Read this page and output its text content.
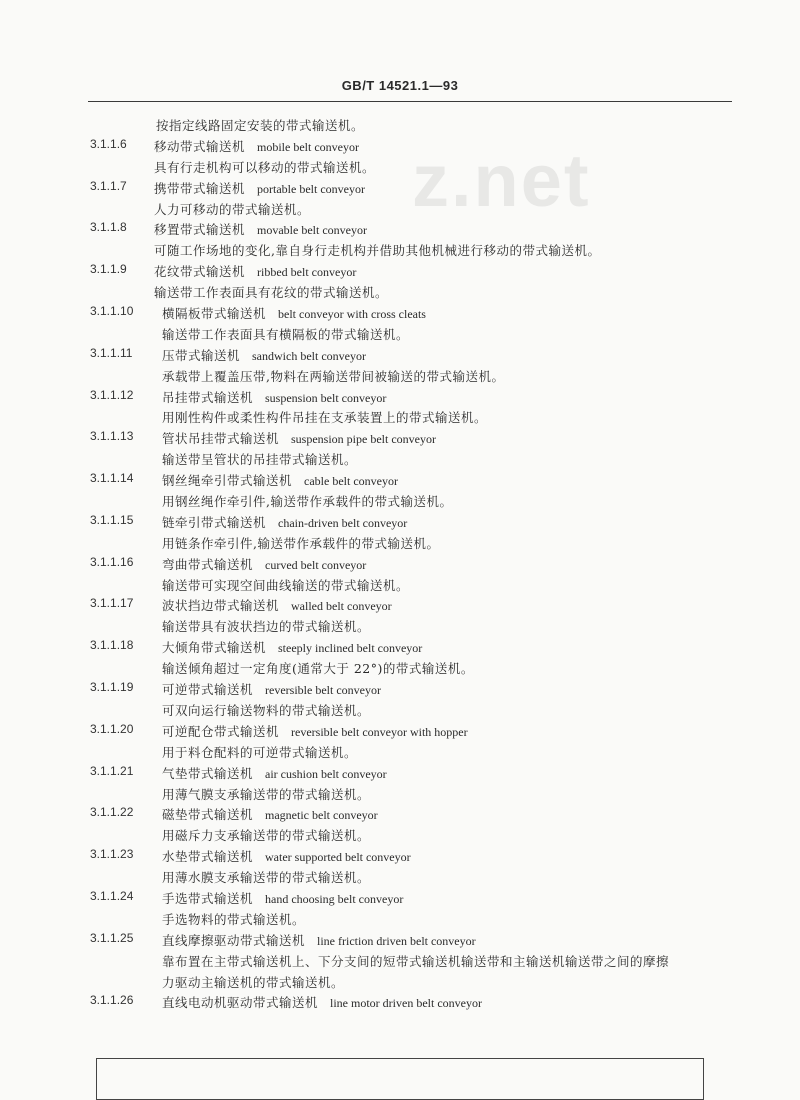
GB/T 14521.1—93
z.net
按指定线路固定安装的带式输送机。
3.1.1.6 移动带式输送机 mobile belt conveyor
具有行走机构可以移动的带式输送机。
3.1.1.7 携带带式输送机 portable belt conveyor
人力可移动的带式输送机。
3.1.1.8 移置带式输送机 movable belt conveyor
可随工作场地的变化,靠自身行走机构并借助其他机械进行移动的带式输送机。
3.1.1.9 花纹带式输送机 ribbed belt conveyor
输送带工作表面具有花纹的带式输送机。
3.1.1.10 横隔板带式输送机 belt conveyor with cross cleats
输送带工作表面具有横隔板的带式输送机。
3.1.1.11 压带式输送机 sandwich belt conveyor
承载带上覆盖压带,物料在两输送带间被输送的带式输送机。
3.1.1.12 吊挂带式输送机 suspension belt conveyor
用刚性构件或柔性构件吊挂在支承装置上的带式输送机。
3.1.1.13 管状吊挂带式输送机 suspension pipe belt conveyor
输送带呈管状的吊挂带式输送机。
3.1.1.14 钢丝绳牵引带式输送机 cable belt conveyor
用钢丝绳作牵引件,输送带作承载件的带式输送机。
3.1.1.15 链牵引带式输送机 chain-driven belt conveyor
用链条作牵引件,输送带作承载件的带式输送机。
3.1.1.16 弯曲带式输送机 curved belt conveyor
输送带可实现空间曲线输送的带式输送机。
3.1.1.17 波状挡边带式输送机 walled belt conveyor
输送带具有波状挡边的带式输送机。
3.1.1.18 大倾角带式输送机 steeply inclined belt conveyor
输送倾角超过一定角度(通常大于 22°)的带式输送机。
3.1.1.19 可逆带式输送机 reversible belt conveyor
可双向运行输送物料的带式输送机。
3.1.1.20 可逆配仓带式输送机 reversible belt conveyor with hopper
用于料仓配料的可逆带式输送机。
3.1.1.21 气垫带式输送机 air cushion belt conveyor
用薄气膜支承输送带的带式输送机。
3.1.1.22 磁垫带式输送机 magnetic belt conveyor
用磁斥力支承输送带的带式输送机。
3.1.1.23 水垫带式输送机 water supported belt conveyor
用薄水膜支承输送带的带式输送机。
3.1.1.24 手选带式输送机 hand choosing belt conveyor
手选物料的带式输送机。
3.1.1.25 直线摩擦驱动带式输送机 line friction driven belt conveyor
靠布置在主带式输送机上、下分支间的短带式输送机输送带和主输送机输送带之间的摩擦
力驱动主输送机的带式输送机。
3.1.1.26 直线电动机驱动带式输送机 line motor driven belt conveyor
